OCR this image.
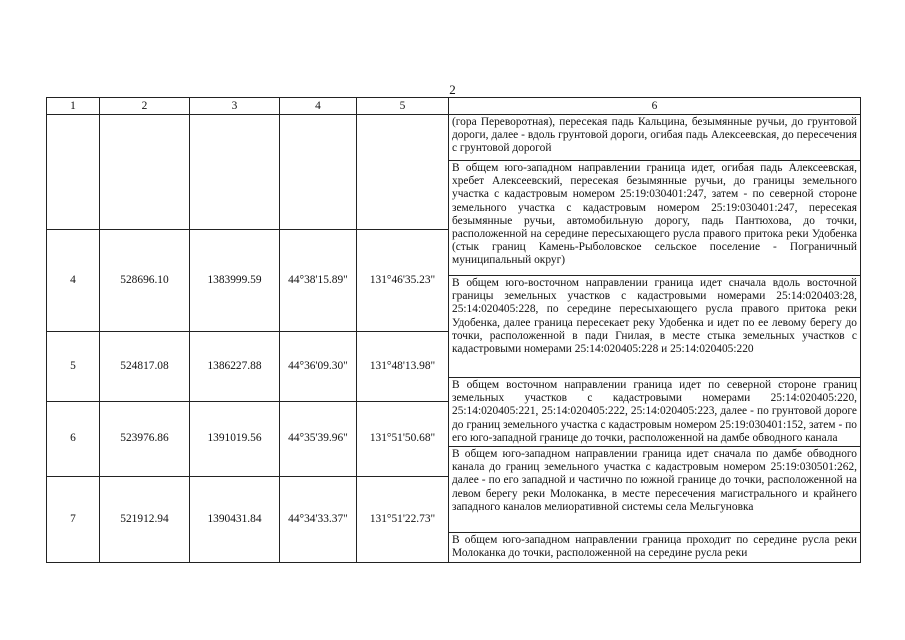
2
1	2	3	4	5	6
					(гора Переворотная), пересекая падь Кальцина, безымянные ручьи, до грунтовой дороги, далее - вдоль грунтовой дороги, огибая падь Алексеевская, до пересечения с грунтовой дорогой
					В общем юго-западном направлении граница идет, огибая падь Алексеевская, хребет Алексеевский, пересекая безымянные ручьи, до границы земельного участка с кадастровым номером 25:19:030401:247, затем - по северной стороне земельного участка с кадастровым номером 25:19:030401:247, пересекая безымянные ручьи, автомобильную дорогу, падь Пантюхова, до точки, расположенной на середине пересыхающего русла правого притока реки Удобенка (стык границ Камень-Рыболовское сельское поселение - Пограничный муниципальный округ)
4	528696.10	1383999.59	44°38'15.89"	131°46'35.23"	
					В общем юго-восточном направлении граница идет сначала вдоль восточной границы земельных участков с кадастровыми номерами 25:14:020403:28, 25:14:020405:228, по середине пересыхающего русла правого притока реки Удобенка, далее граница пересекает реку Удобенка и идет по ее левому берегу до точки, расположенной в пади Гнилая, в месте стыка земельных участков с кадастровыми номерами 25:14:020405:228 и 25:14:020405:220
5	524817.08	1386227.88	44°36'09.30"	131°48'13.98"	
					В общем восточном направлении граница идет по северной стороне границ земельных участков с кадастровыми номерами 25:14:020405:220, 25:14:020405:221, 25:14:020405:222, 25:14:020405:223, далее - по грунтовой дороге до границ земельного участка с кадастровым номером 25:19:030401:152, затем - по его юго-западной границе до точки, расположенной на дамбе обводного канала
6	523976.86	1391019.56	44°35'39.96"	131°51'50.68"	
					В общем юго-западном направлении граница идет сначала по дамбе обводного канала до границ земельного участка с кадастровым номером 25:19:030501:262, далее - по его западной и частично по южной границе до точки, расположенной на левом берегу реки Молоканка, в месте пересечения магистрального и крайнего западного каналов мелиоративной системы села Мельгуновка
7	521912.94	1390431.84	44°34'33.37"	131°51'22.73"	
					В общем юго-западном направлении граница проходит по середине русла реки Молоканка до точки, расположенной на середине русла реки
